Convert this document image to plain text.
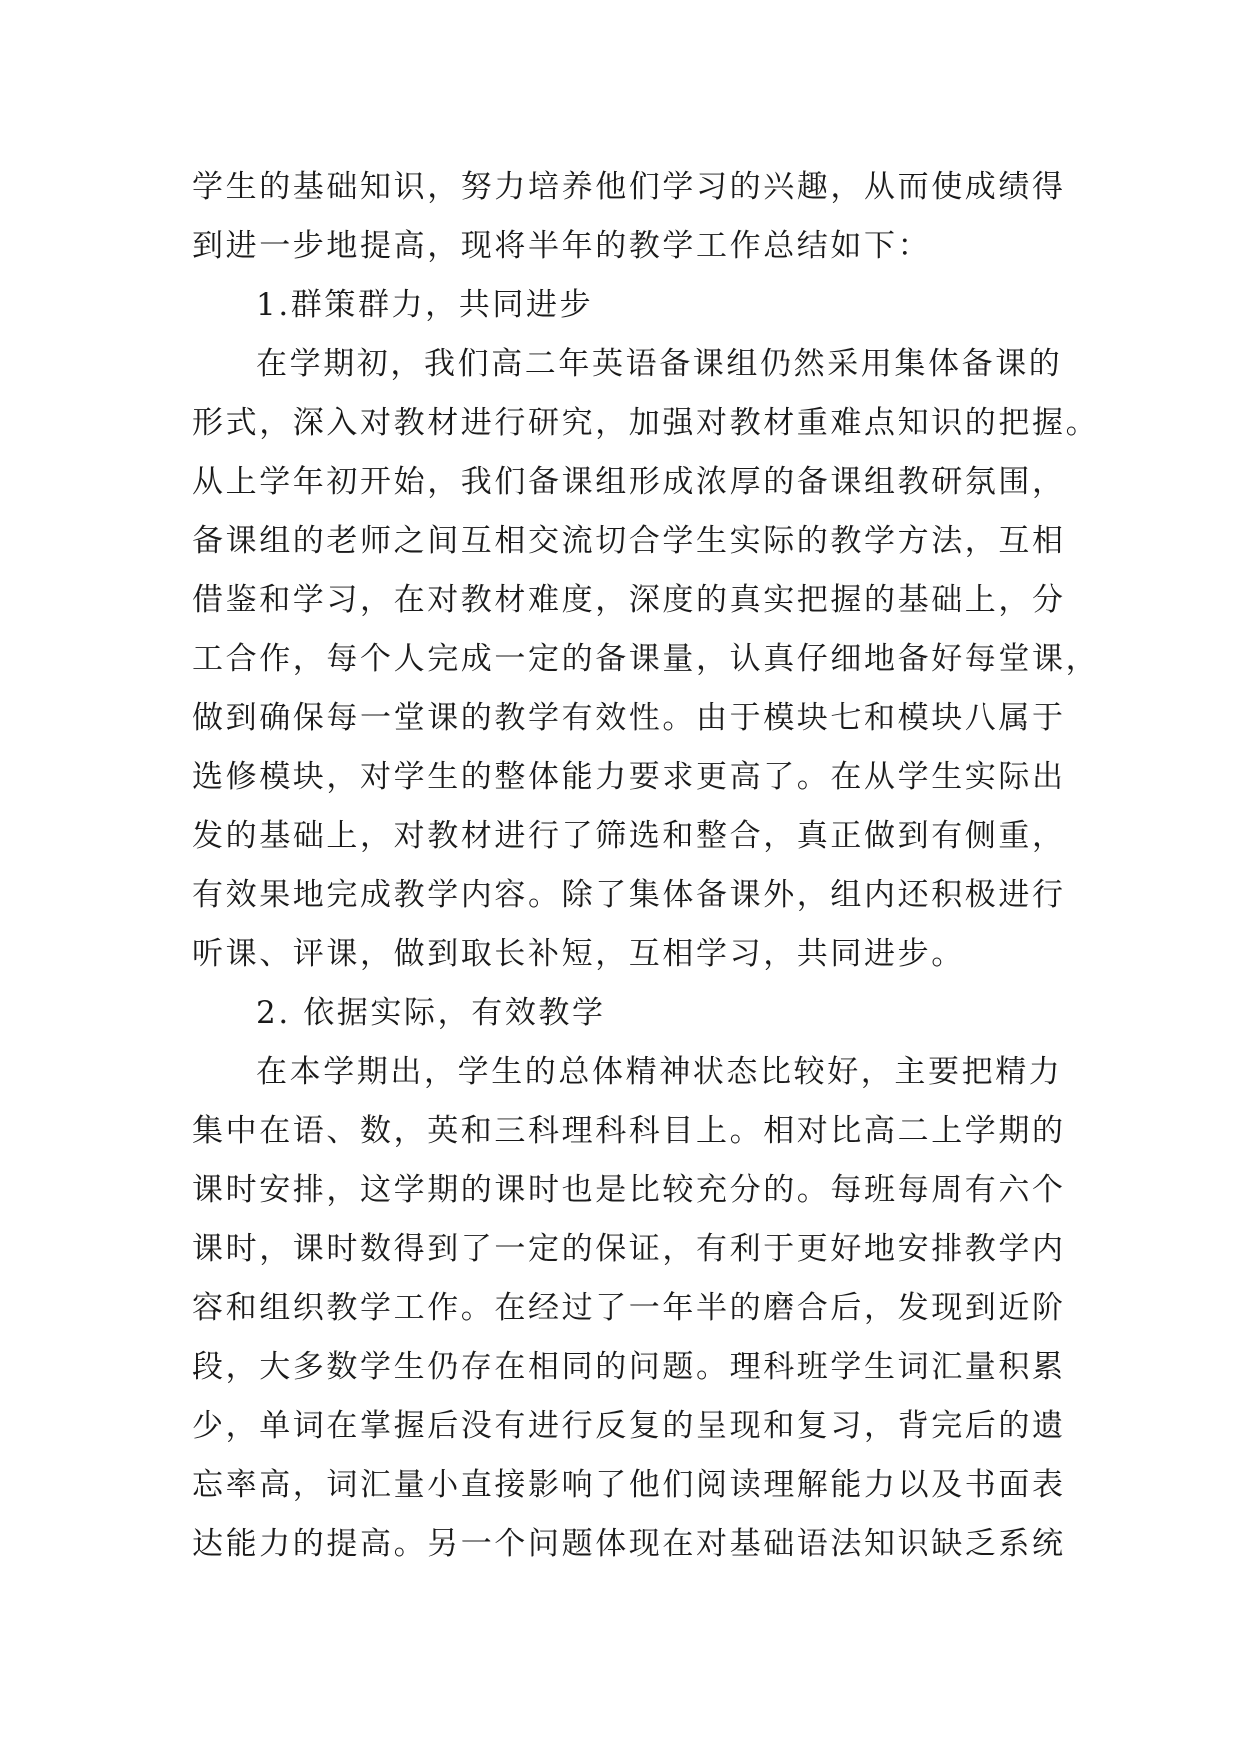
学生的基础知识，努力培养他们学习的兴趣，从而使成绩得
到进一步地提高，现将半年的教学工作总结如下：
1.群策群力，共同进步
在学期初，我们高二年英语备课组仍然采用集体备课的
形式，深入对教材进行研究，加强对教材重难点知识的把握。
从上学年初开始，我们备课组形成浓厚的备课组教研氛围，
备课组的老师之间互相交流切合学生实际的教学方法，互相
借鉴和学习，在对教材难度，深度的真实把握的基础上，分
工合作，每个人完成一定的备课量，认真仔细地备好每堂课，
做到确保每一堂课的教学有效性。由于模块七和模块八属于
选修模块，对学生的整体能力要求更高了。在从学生实际出
发的基础上，对教材进行了筛选和整合，真正做到有侧重，
有效果地完成教学内容。除了集体备课外，组内还积极进行
听课、评课，做到取长补短，互相学习，共同进步。
2. 依据实际，有效教学
在本学期出，学生的总体精神状态比较好，主要把精力
集中在语、数，英和三科理科科目上。相对比高二上学期的
课时安排，这学期的课时也是比较充分的。每班每周有六个
课时，课时数得到了一定的保证，有利于更好地安排教学内
容和组织教学工作。在经过了一年半的磨合后，发现到近阶
段，大多数学生仍存在相同的问题。理科班学生词汇量积累
少，单词在掌握后没有进行反复的呈现和复习，背完后的遗
忘率高，词汇量小直接影响了他们阅读理解能力以及书面表
达能力的提高。另一个问题体现在对基础语法知识缺乏系统
